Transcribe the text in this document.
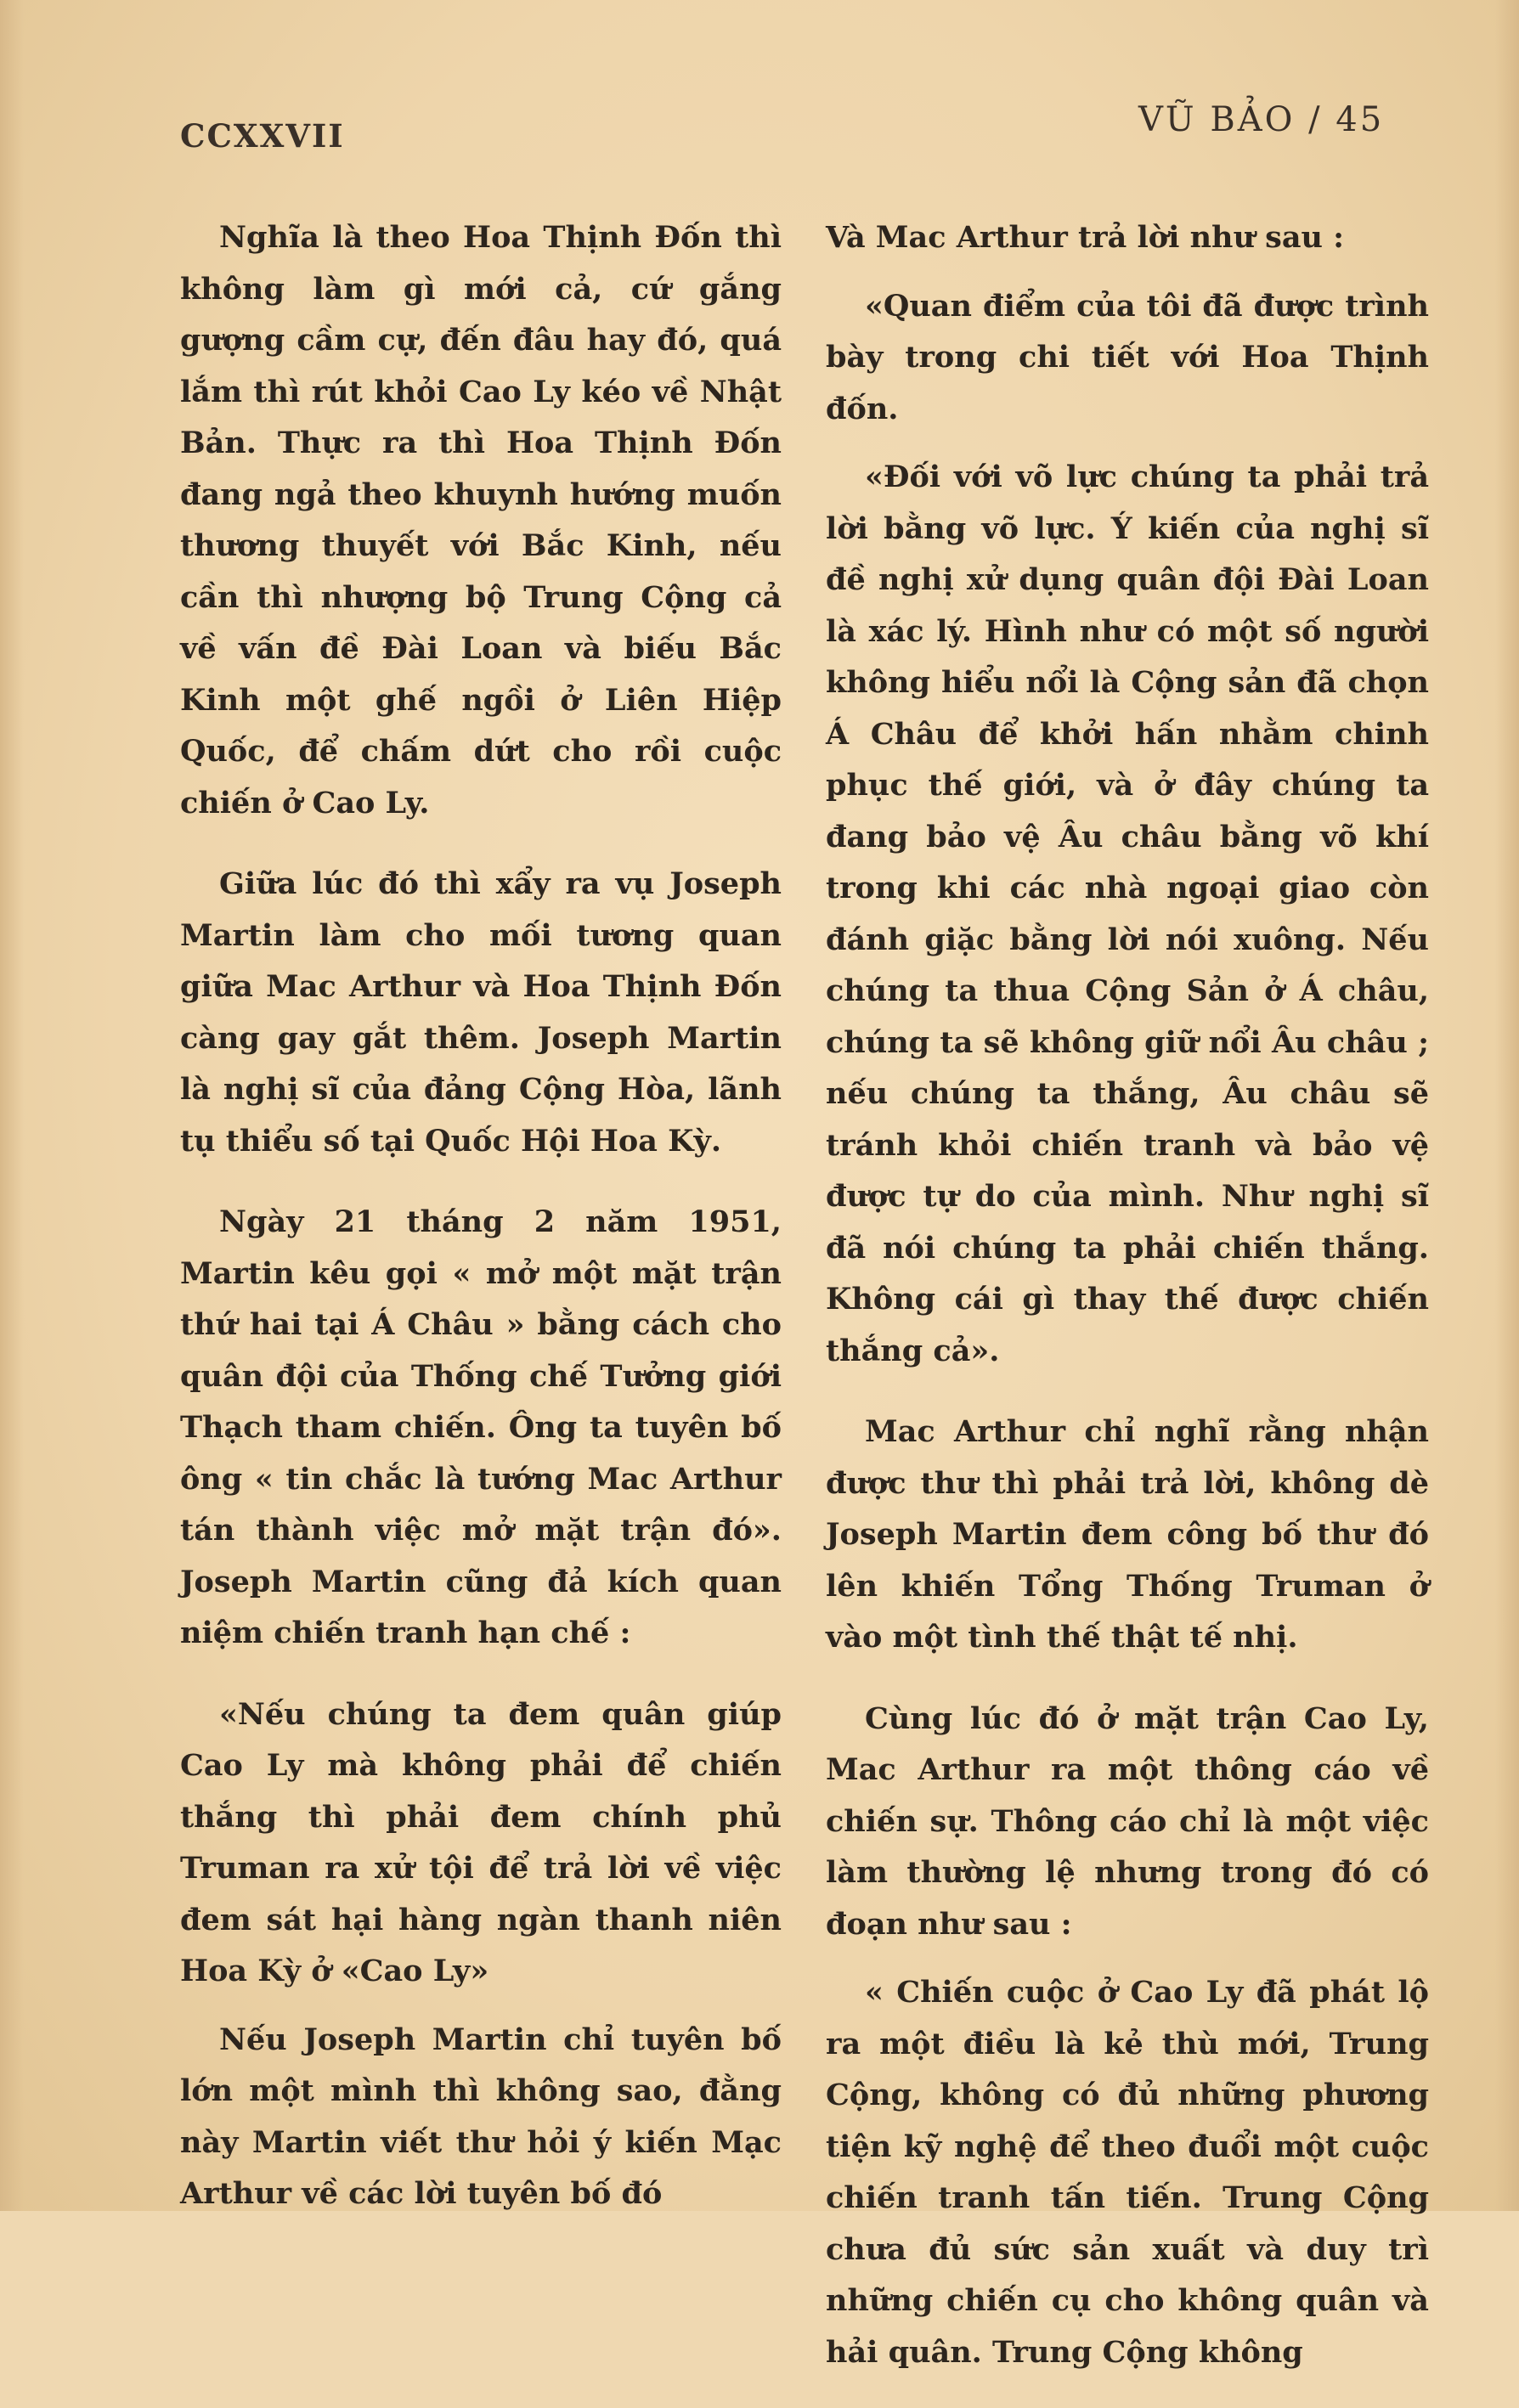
CCXXVII	VŨ BẢO / 45

Nghĩa là theo Hoa Thịnh Đốn thì không làm gì mới cả, cứ gắng gượng cầm cự, đến đâu hay đó, quá lắm thì rút khỏi Cao Ly kéo về Nhật Bản. Thực ra thì Hoa Thịnh Đốn đang ngả theo khuynh hướng muốn thương thuyết với Bắc Kinh, nếu cần thì nhượng bộ Trung Cộng cả về vấn đề Đài Loan và biếu Bắc Kinh một ghế ngồi ở Liên Hiệp Quốc, để chấm dứt cho rồi cuộc chiến ở Cao Ly.

Giữa lúc đó thì xẩy ra vụ Joseph Martin làm cho mối tương quan giữa Mac Arthur và Hoa Thịnh Đốn càng gay gắt thêm. Joseph Martin là nghị sĩ của đảng Cộng Hòa, lãnh tụ thiểu số tại Quốc Hội Hoa Kỳ.

Ngày 21 tháng 2 năm 1951, Martin kêu gọi « mở một mặt trận thứ hai tại Á Châu » bằng cách cho quân đội của Thống chế Tưởng giới Thạch tham chiến. Ông ta tuyên bố ông « tin chắc là tướng Mac Arthur tán thành việc mở mặt trận đó». Joseph Martin cũng đả kích quan niệm chiến tranh hạn chế :

«Nếu chúng ta đem quân giúp Cao Ly mà không phải để chiến thắng thì phải đem chính phủ Truman ra xử tội để trả lời về việc đem sát hại hàng ngàn thanh niên Hoa Kỳ ở «Cao Ly»

Nếu Joseph Martin chỉ tuyên bố lớn một mình thì không sao, đằng này Martin viết thư hỏi ý kiến Mạc Arthur về các lời tuyên bố đó

Và Mac Arthur trả lời như sau :

«Quan điểm của tôi đã được trình bày trong chi tiết với Hoa Thịnh đốn.

«Đối với võ lực chúng ta phải trả lời bằng võ lực. Ý kiến của nghị sĩ đề nghị xử dụng quân đội Đài Loan là xác lý. Hình như có một số người không hiểu nổi là Cộng sản đã chọn Á Châu để khởi hấn nhằm chinh phục thế giới, và ở đây chúng ta đang bảo vệ Âu châu bằng võ khí trong khi các nhà ngoại giao còn đánh giặc bằng lời nói xuông. Nếu chúng ta thua Cộng Sản ở Á châu, chúng ta sẽ không giữ nổi Âu châu ; nếu chúng ta thắng, Âu châu sẽ tránh khỏi chiến tranh và bảo vệ được tự do của mình. Như nghị sĩ đã nói chúng ta phải chiến thắng. Không cái gì thay thế được chiến thắng cả».

Mac Arthur chỉ nghĩ rằng nhận được thư thì phải trả lời, không dè Joseph Martin đem công bố thư đó lên khiến Tổng Thống Truman ở vào một tình thế thật tế nhị.

Cùng lúc đó ở mặt trận Cao Ly, Mac Arthur ra một thông cáo về chiến sự. Thông cáo chỉ là một việc làm thường lệ nhưng trong đó có đoạn như sau :

« Chiến cuộc ở Cao Ly đã phát lộ ra một điều là kẻ thù mới, Trung Cộng, không có đủ những phương tiện kỹ nghệ để theo đuổi một cuộc chiến tranh tấn tiến. Trung Cộng chưa đủ sức sản xuất và duy trì những chiến cụ cho không quân và hải quân. Trung Cộng không
